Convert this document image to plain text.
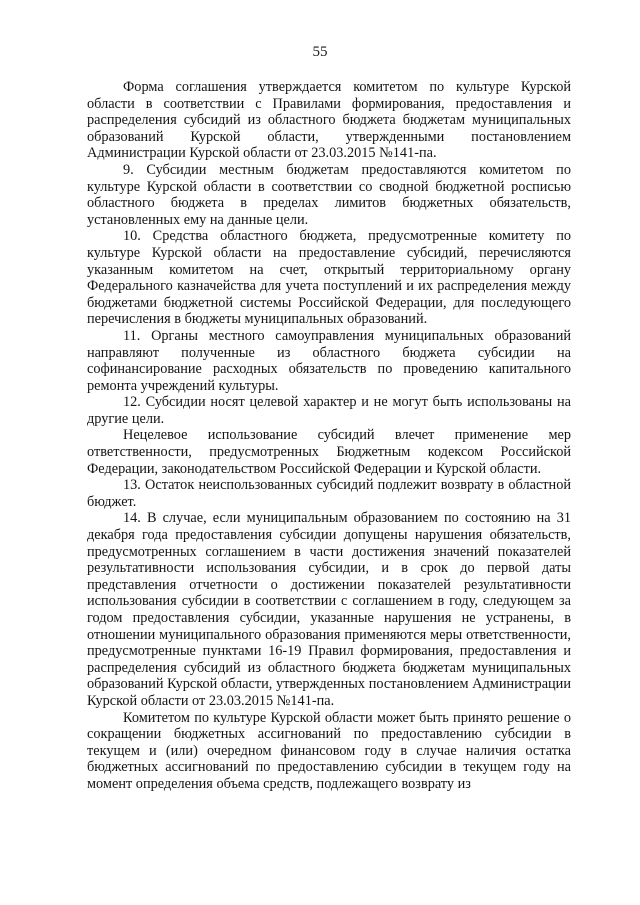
55

Форма соглашения утверждается комитетом по культуре Курской области в соответствии с Правилами формирования, предоставления и распределения субсидий из областного бюджета бюджетам муниципальных образований Курской области, утвержденными постановлением Администрации Курской области от 23.03.2015 №141-па.

9. Субсидии местным бюджетам предоставляются комитетом по культуре Курской области в соответствии со сводной бюджетной росписью областного бюджета в пределах лимитов бюджетных обязательств, установленных ему на данные цели.

10. Средства областного бюджета, предусмотренные комитету по культуре Курской области на предоставление субсидий, перечисляются указанным комитетом на счет, открытый территориальному органу Федерального казначейства для учета поступлений и их распределения между бюджетами бюджетной системы Российской Федерации, для последующего перечисления в бюджеты муниципальных образований.

11. Органы местного самоуправления муниципальных образований направляют полученные из областного бюджета субсидии на софинансирование расходных обязательств по проведению капитального ремонта учреждений культуры.

12. Субсидии носят целевой характер и не могут быть использованы на другие цели.

Нецелевое использование субсидий влечет применение мер ответственности, предусмотренных Бюджетным кодексом Российской Федерации, законодательством Российской Федерации и Курской области.

13. Остаток неиспользованных субсидий подлежит возврату в областной бюджет.

14. В случае, если муниципальным образованием по состоянию на 31 декабря года предоставления субсидии допущены нарушения обязательств, предусмотренных соглашением в части достижения значений показателей результативности использования субсидии, и в срок до первой даты представления отчетности о достижении показателей результативности использования субсидии в соответствии с соглашением в году, следующем за годом предоставления субсидии, указанные нарушения не устранены, в отношении муниципального образования применяются меры ответственности, предусмотренные пунктами 16-19 Правил формирования, предоставления и распределения субсидий из областного бюджета бюджетам муниципальных образований Курской области, утвержденных постановлением Администрации Курской области от 23.03.2015 №141-па.

Комитетом по культуре Курской области может быть принято решение о сокращении бюджетных ассигнований по предоставлению субсидии в текущем и (или) очередном финансовом году в случае наличия остатка бюджетных ассигнований по предоставлению субсидии в текущем году на момент определения объема средств, подлежащего возврату из
